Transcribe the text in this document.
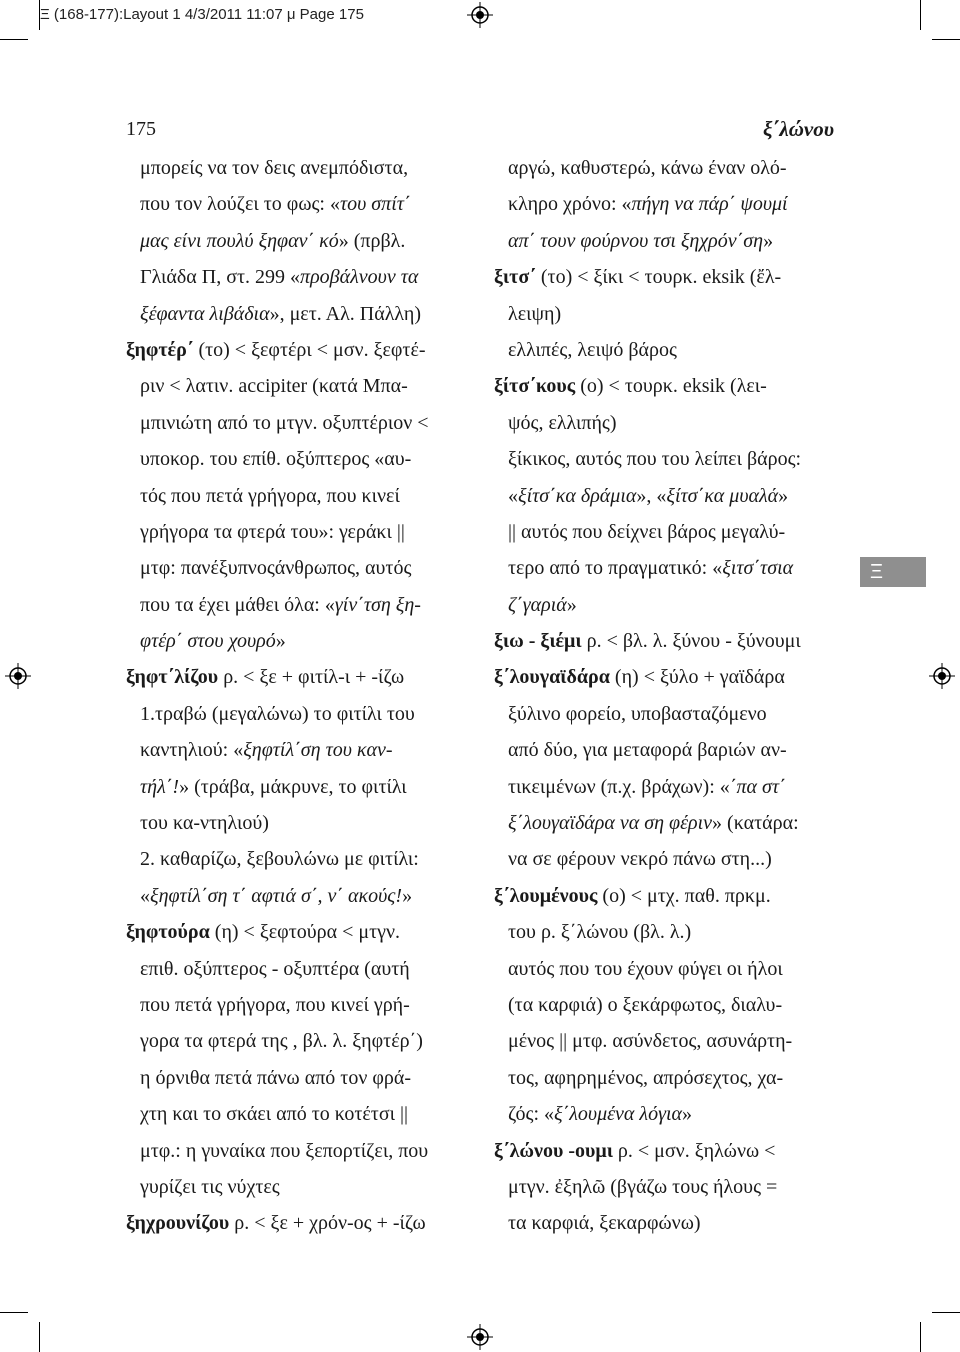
Ξ (168-177):Layout 1 4/3/2011 11:07 μ Page 175
175	ξ΄λώνου
μπορείς να τον δεις ανεμπόδιστα,
που τον λούζει το φως: «του σπίτ΄
μας είνι πουλύ ξηφαν΄ κό» (πρβλ.
Γλιάδα Π, στ. 299 «προβάλνουν τα
ξέφαντα λιβάδια», μετ. Αλ. Πάλλη)
ξηφτέρ΄ (το) < ξεφτέρι < μσν. ξεφτέ-
ριν < λατιν. accipiter (κατά Μπα-
μπινιώτη από το μτγν. οξυπτέριον <
υποκορ. του επίθ. οξύπτερος «αυ-
τός που πετά γρήγορα, που κινεί
γρήγορα τα φτερά του»: γεράκι ||
μτφ: πανέξυπνοςάνθρωπος, αυτός
που τα έχει μάθει όλα: «γίν΄τση ξη-
φτέρ΄ στου χουρό»
ξηφτ΄λίζου ρ. < ξε + φιτίλ-ι + -ίζω
1.τραβώ (μεγαλώνω) το φιτίλι του
καντηλιού: «ξηφτίλ΄ση του καν-
τήλ΄!» (τράβα, μάκρυνε, το φιτίλι
του κα-ντηλιού)
2. καθαρίζω, ξεβουλώνω με φιτίλι:
«ξηφτίλ΄ση τ΄ αφτιά σ΄, ν΄ ακούς!»
ξηφτούρα (η) < ξεφτούρα < μτγν.
επιθ. οξύπτερος - οξυπτέρα (αυτή
που πετά γρήγορα, που κινεί γρή-
γορα τα φτερά της , βλ. λ. ξηφτέρ΄)
η όρνιθα πετά πάνω από τον φρά-
χτη και το σκάει από το κοτέτσι ||
μτφ.: η γυναίκα που ξεπορτίζει, που
γυρίζει τις νύχτες
ξηχρουνίζου ρ. < ξε + χρόν-ος + -ίζω
αργώ, καθυστερώ, κάνω έναν ολό-
κληρο χρόνο: «πήγη να πάρ΄ ψουμί
απ΄ τουν φούρνου τσι ξηχρόν΄ση»
ξιτσ΄ (το) < ξίκι < τουρκ. eksik (ἔλ-
λειψη)
ελλιπές, λειψό βάρος
ξίτσ΄κους (ο) < τουρκ. eksik (λει-
ψός, ελλιπής)
ξίκικος, αυτός που του λείπει βάρος:
«ξίτσ΄κα δράμια», «ξίτσ΄κα μυαλά»
|| αυτός που δείχνει βάρος μεγαλύ-
τερο από το πραγματικό: «ξιτσ΄τσια
ζ΄γαριά»
ξιω - ξιέμι ρ. < βλ. λ. ξύνου - ξύνουμι
ξ΄λουγαϊδάρα (η) < ξύλο + γαϊδάρα
ξύλινο φορείο, υποβασταζόμενο
από δύο, για μεταφορά βαριών αν-
τικειμένων (π.χ. βράχων): «΄πα στ΄
ξ΄λουγαϊδάρα να ση φέριν» (κατάρα:
να σε φέρουν νεκρό πάνω στη...)
ξ΄λουμένους (ο) < μτχ. παθ. πρκμ.
του ρ. ξ΄λώνου (βλ. λ.)
αυτός που του έχουν φύγει οι ήλοι
(τα καρφιά) ο ξεκάρφωτος, διαλυ-
μένος || μτφ. ασύνδετος, ασυνάρτη-
τος, αφηρημένος, απρόσεχτος, χα-
ζός: «ξ΄λουμένα λόγια»
ξ΄λώνου -ουμι ρ. < μσν. ξηλώνω <
μτγν. ἐξηλῶ (βγάζω τους ήλους =
τα καρφιά, ξεκαρφώνω)
Ξ
